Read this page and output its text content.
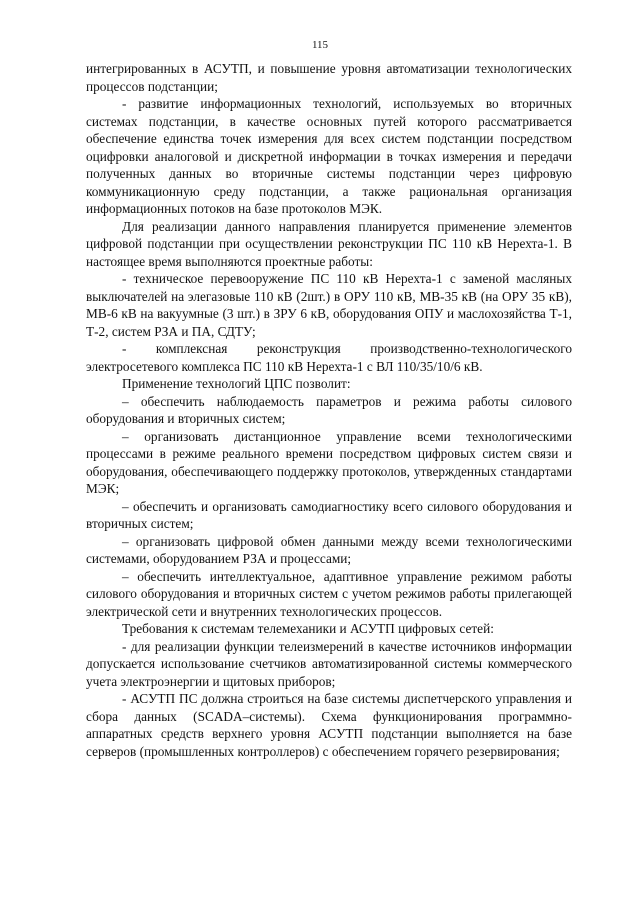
115

интегрированных в АСУТП, и повышение уровня автоматизации технологических процессов подстанции;

- развитие информационных технологий, используемых во вторичных системах подстанции, в качестве основных путей которого рассматривается обеспечение единства точек измерения для всех систем подстанции посредством оцифровки аналоговой и дискретной информации в точках измерения и передачи полученных данных во вторичные системы подстанции через цифровую коммуникационную среду подстанции, а также рациональная организация информационных потоков на базе протоколов МЭК.

Для реализации данного направления планируется применение элементов цифровой подстанции при осуществлении реконструкции ПС 110 кВ Нерехта-1. В настоящее время выполняются проектные работы:

- техническое перевооружение ПС 110 кВ Нерехта-1 с заменой масляных выключателей на элегазовые 110 кВ (2шт.) в ОРУ 110 кВ, МВ-35 кВ (на ОРУ 35 кВ), МВ-6 кВ на вакуумные (3 шт.) в ЗРУ 6 кВ, оборудования ОПУ и маслохозяйства Т-1, Т-2, систем РЗА и ПА, СДТУ;

- комплексная реконструкция производственно-технологического электросетевого комплекса ПС 110 кВ Нерехта-1 с ВЛ 110/35/10/6 кВ.

Применение технологий ЦПС позволит:

– обеспечить наблюдаемость параметров и режима работы силового оборудования и вторичных систем;

– организовать дистанционное управление всеми технологическими процессами в режиме реального времени посредством цифровых систем связи и оборудования, обеспечивающего поддержку протоколов, утвержденных стандартами МЭК;

– обеспечить и организовать самодиагностику всего силового оборудования и вторичных систем;

– организовать цифровой обмен данными между всеми технологическими системами, оборудованием РЗА и процессами;

– обеспечить интеллектуальное, адаптивное управление режимом работы силового оборудования и вторичных систем с учетом режимов работы прилегающей электрической сети и внутренних технологических процессов.

Требования к системам телемеханики и АСУТП цифровых сетей:

- для реализации функции телеизмерений в качестве источников информации допускается использование счетчиков автоматизированной системы коммерческого учета электроэнергии и щитовых приборов;

- АСУТП ПС должна строиться на базе системы диспетчерского управления и сбора данных (SCADA–системы). Схема функционирования программно-аппаратных средств верхнего уровня АСУТП подстанции выполняется на базе серверов (промышленных контроллеров) с обеспечением горячего резервирования;
